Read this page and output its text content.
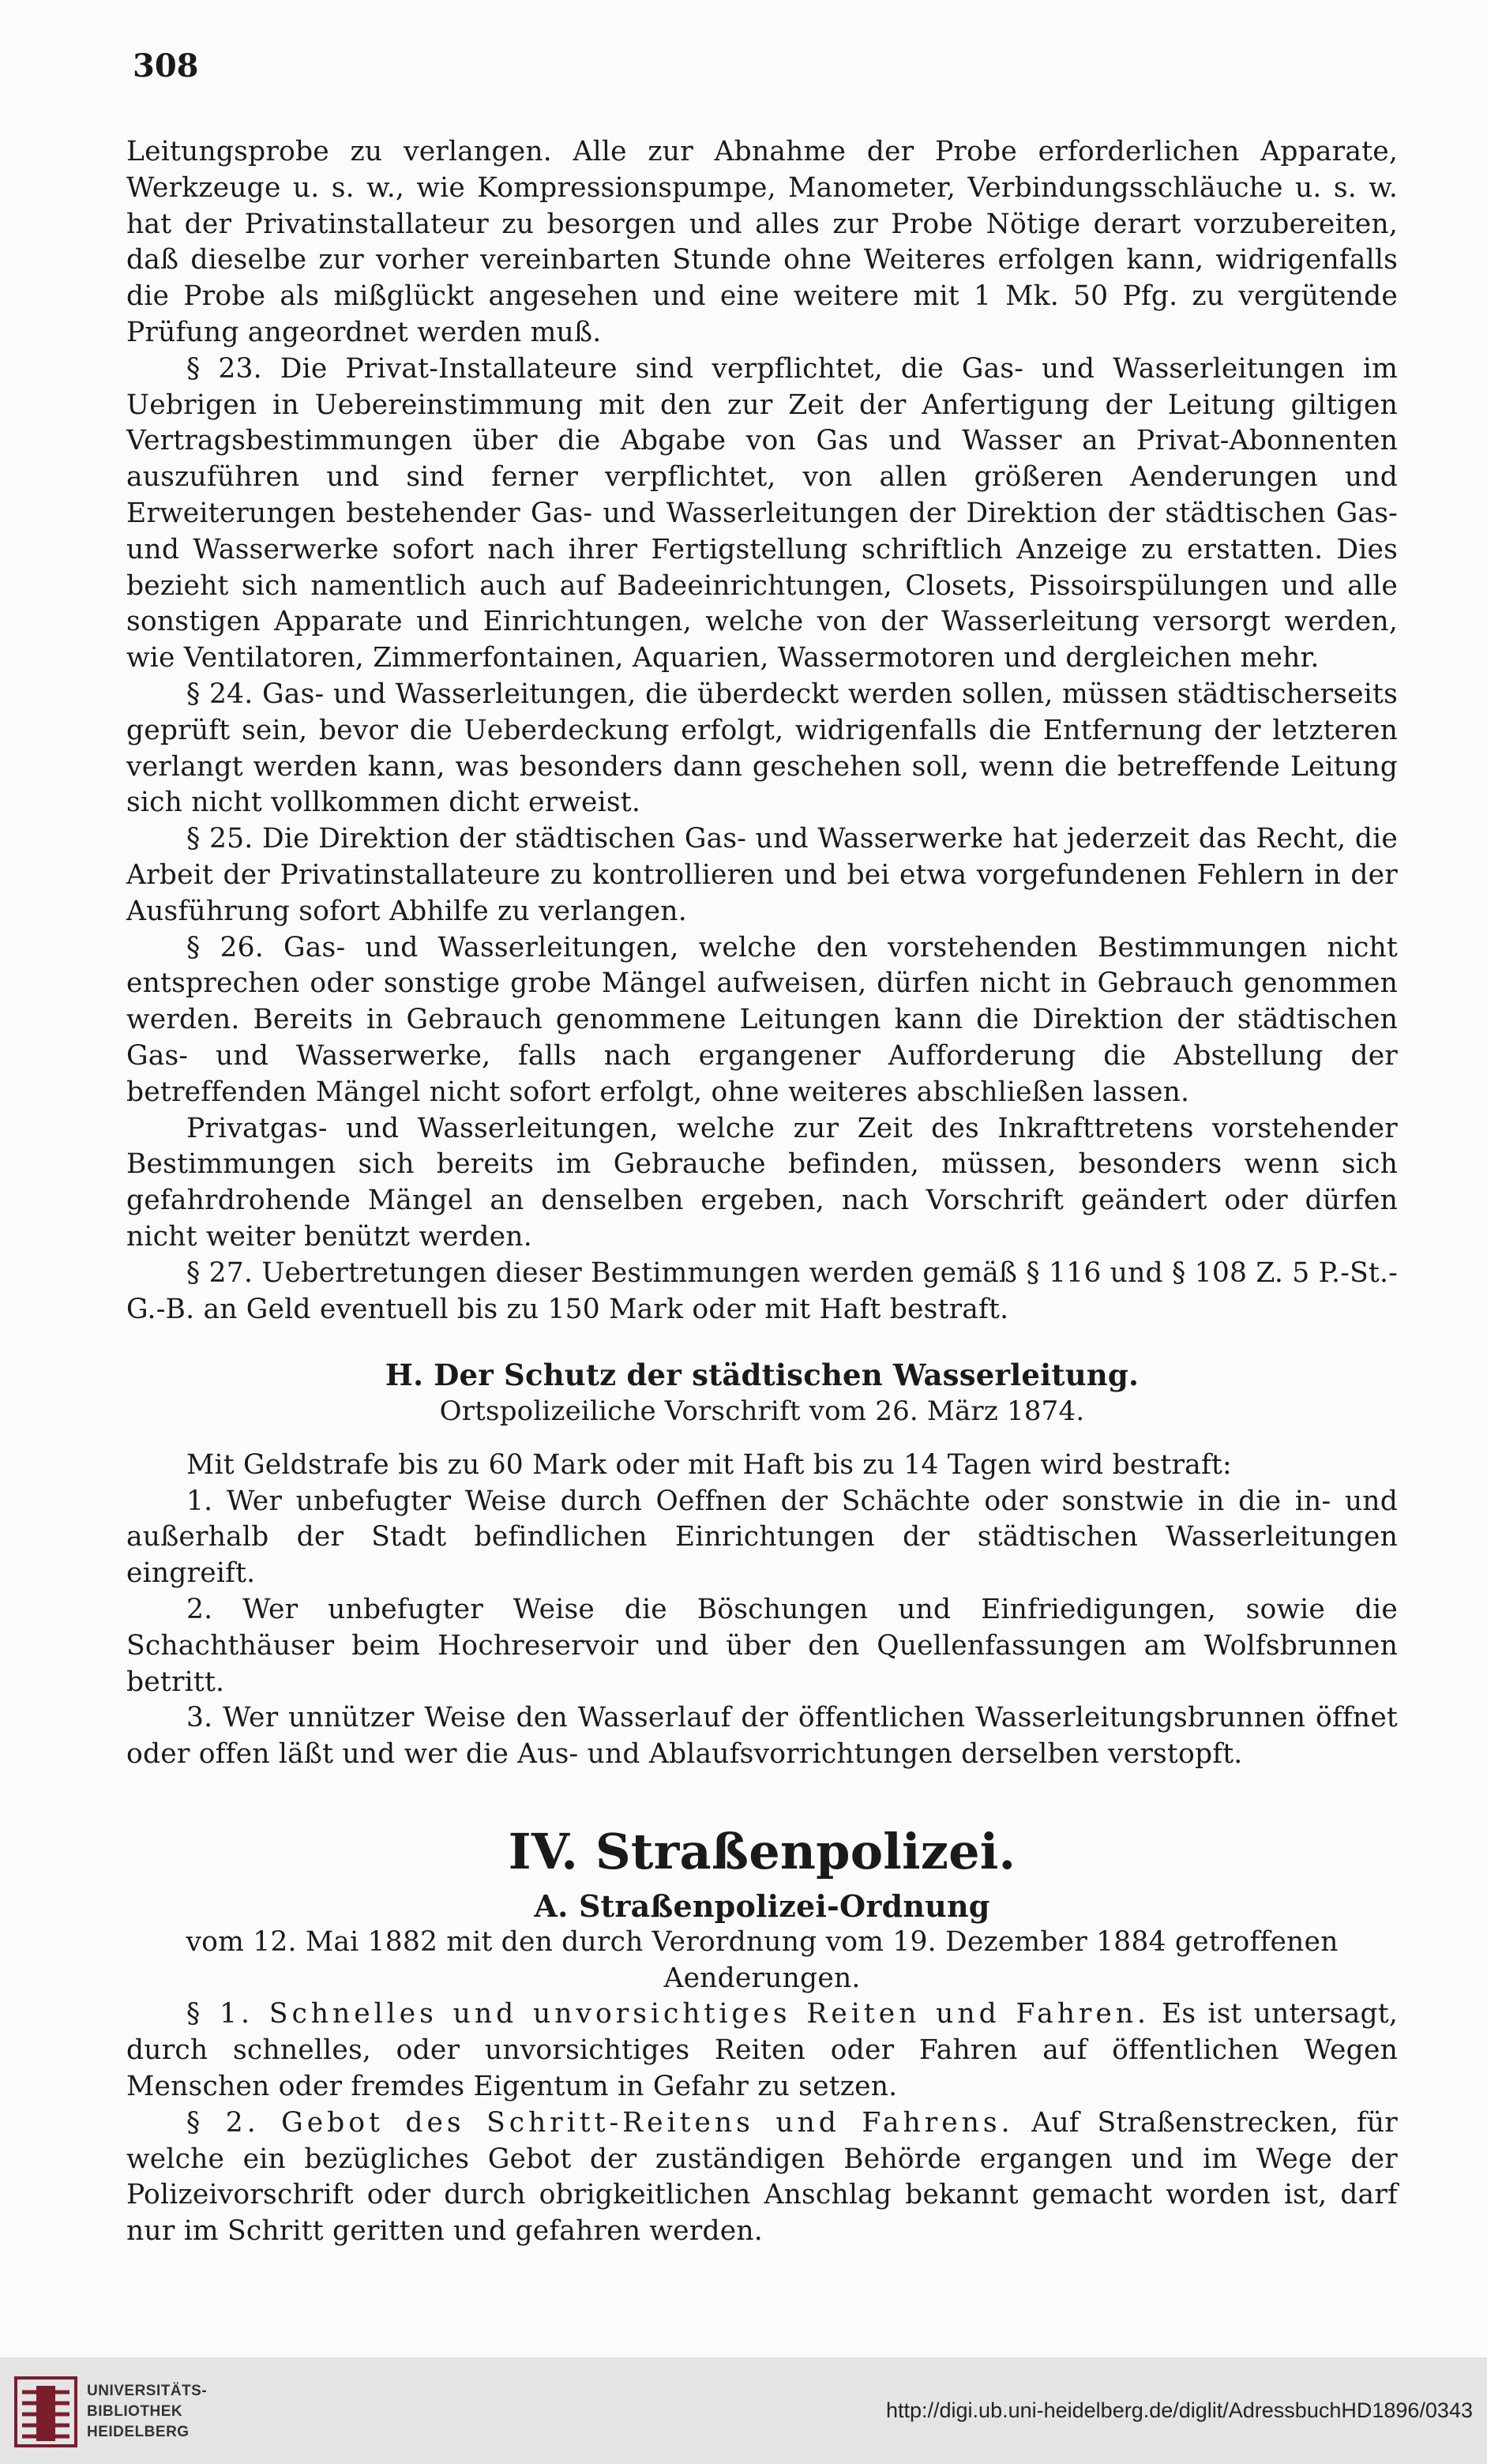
308

Leitungsprobe zu verlangen. Alle zur Abnahme der Probe erforderlichen Apparate, Werkzeuge u. s. w., wie Kompressionspumpe, Manometer, Verbindungsschläuche u. s. w. hat der Privatinstallateur zu besorgen und alles zur Probe Nötige derart vorzubereiten, daß dieselbe zur vorher vereinbarten Stunde ohne Weiteres erfolgen kann, widrigenfalls die Probe als mißglückt angesehen und eine weitere mit 1 Mk. 50 Pfg. zu vergütende Prüfung angeordnet werden muß.

§ 23. Die Privat-Installateure sind verpflichtet, die Gas- und Wasserleitungen im Uebrigen in Uebereinstimmung mit den zur Zeit der Anfertigung der Leitung giltigen Vertragsbestimmungen über die Abgabe von Gas und Wasser an Privat-Abonnenten auszuführen und sind ferner verpflichtet, von allen größeren Aenderungen und Erweiterungen bestehender Gas- und Wasserleitungen der Direktion der städtischen Gas- und Wasserwerke sofort nach ihrer Fertigstellung schriftlich Anzeige zu erstatten. Dies bezieht sich namentlich auch auf Badeeinrichtungen, Closets, Pissoirspülungen und alle sonstigen Apparate und Einrichtungen, welche von der Wasserleitung versorgt werden, wie Ventilatoren, Zimmerfontainen, Aquarien, Wassermotoren und dergleichen mehr.

§ 24. Gas- und Wasserleitungen, die überdeckt werden sollen, müssen städtischerseits geprüft sein, bevor die Ueberdeckung erfolgt, widrigenfalls die Entfernung der letzteren verlangt werden kann, was besonders dann geschehen soll, wenn die betreffende Leitung sich nicht vollkommen dicht erweist.

§ 25. Die Direktion der städtischen Gas- und Wasserwerke hat jederzeit das Recht, die Arbeit der Privatinstallateure zu kontrollieren und bei etwa vorgefundenen Fehlern in der Ausführung sofort Abhilfe zu verlangen.

§ 26. Gas- und Wasserleitungen, welche den vorstehenden Bestimmungen nicht entsprechen oder sonstige grobe Mängel aufweisen, dürfen nicht in Gebrauch genommen werden. Bereits in Gebrauch genommene Leitungen kann die Direktion der städtischen Gas- und Wasserwerke, falls nach ergangener Aufforderung die Abstellung der betreffenden Mängel nicht sofort erfolgt, ohne weiteres abschließen lassen.

Privatgas- und Wasserleitungen, welche zur Zeit des Inkrafttretens vorstehender Bestimmungen sich bereits im Gebrauche befinden, müssen, besonders wenn sich gefahrdrohende Mängel an denselben ergeben, nach Vorschrift geändert oder dürfen nicht weiter benützt werden.

§ 27. Uebertretungen dieser Bestimmungen werden gemäß § 116 und § 108 Z. 5 P.-St.-G.-B. an Geld eventuell bis zu 150 Mark oder mit Haft bestraft.

H. Der Schutz der städtischen Wasserleitung.

Ortspolizeiliche Vorschrift vom 26. März 1874.

Mit Geldstrafe bis zu 60 Mark oder mit Haft bis zu 14 Tagen wird bestraft:

1. Wer unbefugter Weise durch Oeffnen der Schächte oder sonstwie in die in- und außerhalb der Stadt befindlichen Einrichtungen der städtischen Wasserleitungen eingreift.

2. Wer unbefugter Weise die Böschungen und Einfriedigungen, sowie die Schachthäuser beim Hochreservoir und über den Quellenfassungen am Wolfsbrunnen betritt.

3. Wer unnützer Weise den Wasserlauf der öffentlichen Wasserleitungsbrunnen öffnet oder offen läßt und wer die Aus- und Ablaufsvorrichtungen derselben verstopft.

IV. Straßenpolizei.

A. Straßenpolizei-Ordnung

vom 12. Mai 1882 mit den durch Verordnung vom 19. Dezember 1884 getroffenen Aenderungen.

§ 1. Schnelles und unvorsichtiges Reiten und Fahren. Es ist untersagt, durch schnelles, oder unvorsichtiges Reiten oder Fahren auf öffentlichen Wegen Menschen oder fremdes Eigentum in Gefahr zu setzen.

§ 2. Gebot des Schritt-Reitens und Fahrens. Auf Straßenstrecken, für welche ein bezügliches Gebot der zuständigen Behörde ergangen und im Wege der Polizeivorschrift oder durch obrigkeitlichen Anschlag bekannt gemacht worden ist, darf nur im Schritt geritten und gefahren werden.

UNIVERSITÄTS-
BIBLIOTHEK
HEIDELBERG
http://digi.ub.uni-heidelberg.de/diglit/AdressbuchHD1896/0343
